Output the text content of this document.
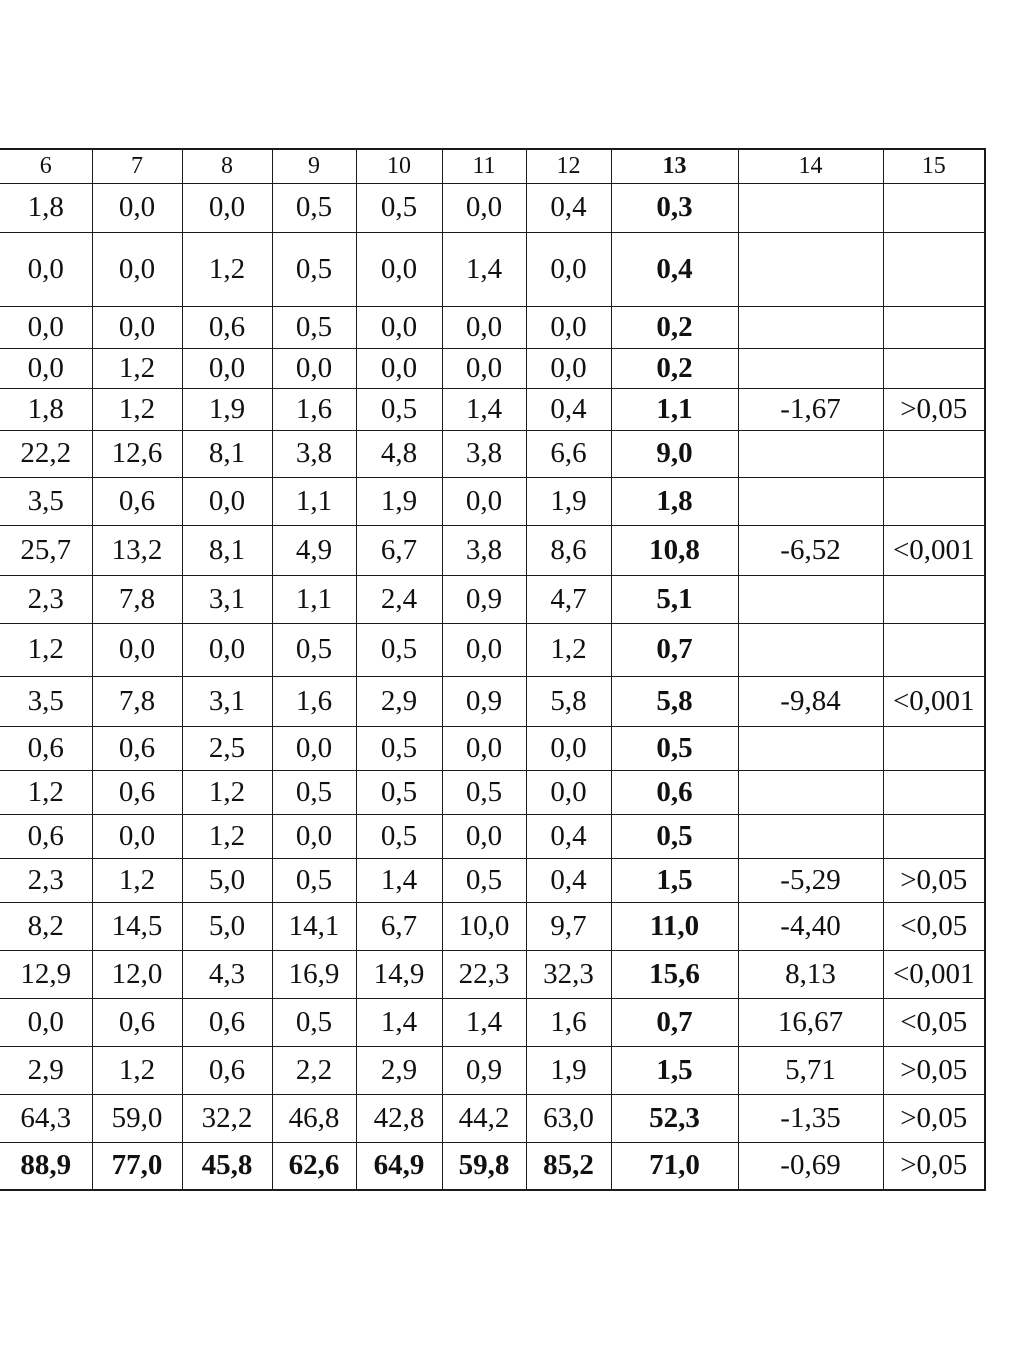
6	7	8	9	10	11	12	13	14	15
1,8	0,0	0,0	0,5	0,5	0,0	0,4	0,3		
0,0	0,0	1,2	0,5	0,0	1,4	0,0	0,4		
0,0	0,0	0,6	0,5	0,0	0,0	0,0	0,2		
0,0	1,2	0,0	0,0	0,0	0,0	0,0	0,2		
1,8	1,2	1,9	1,6	0,5	1,4	0,4	1,1	-1,67	>0,05
22,2	12,6	8,1	3,8	4,8	3,8	6,6	9,0		
3,5	0,6	0,0	1,1	1,9	0,0	1,9	1,8		
25,7	13,2	8,1	4,9	6,7	3,8	8,6	10,8	-6,52	<0,001
2,3	7,8	3,1	1,1	2,4	0,9	4,7	5,1		
1,2	0,0	0,0	0,5	0,5	0,0	1,2	0,7		
3,5	7,8	3,1	1,6	2,9	0,9	5,8	5,8	-9,84	<0,001
0,6	0,6	2,5	0,0	0,5	0,0	0,0	0,5		
1,2	0,6	1,2	0,5	0,5	0,5	0,0	0,6		
0,6	0,0	1,2	0,0	0,5	0,0	0,4	0,5		
2,3	1,2	5,0	0,5	1,4	0,5	0,4	1,5	-5,29	>0,05
8,2	14,5	5,0	14,1	6,7	10,0	9,7	11,0	-4,40	<0,05
12,9	12,0	4,3	16,9	14,9	22,3	32,3	15,6	8,13	<0,001
0,0	0,6	0,6	0,5	1,4	1,4	1,6	0,7	16,67	<0,05
2,9	1,2	0,6	2,2	2,9	0,9	1,9	1,5	5,71	>0,05
64,3	59,0	32,2	46,8	42,8	44,2	63,0	52,3	-1,35	>0,05
88,9	77,0	45,8	62,6	64,9	59,8	85,2	71,0	-0,69	>0,05
